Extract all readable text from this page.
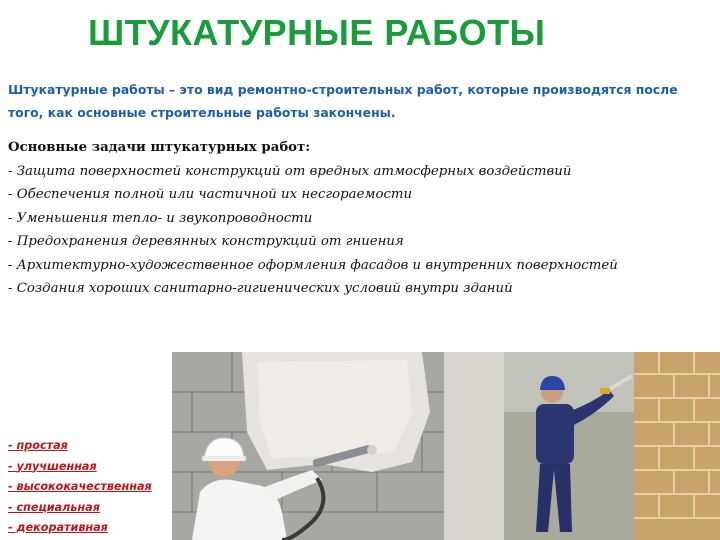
ШТУКАТУРНЫЕ РАБОТЫ

Штукатурные работы – это вид ремонтно-строительных работ, которые производятся после того, как основные строительные работы закончены.

Основные задачи штукатурных работ:
- Защита поверхностей конструкций от вредных атмосферных воздействий
- Обеспечения полной или частичной их несгораемости
- Уменьшения тепло- и звукопроводности
- Предохранения деревянных конструкций от гниения
- Архитектурно-художественное оформления фасадов и внутренних поверхностей
- Создания хороших санитарно-гигиенических условий внутри зданий
- простая
- улучшенная
- высококачественная
- специальная
- декоративная
